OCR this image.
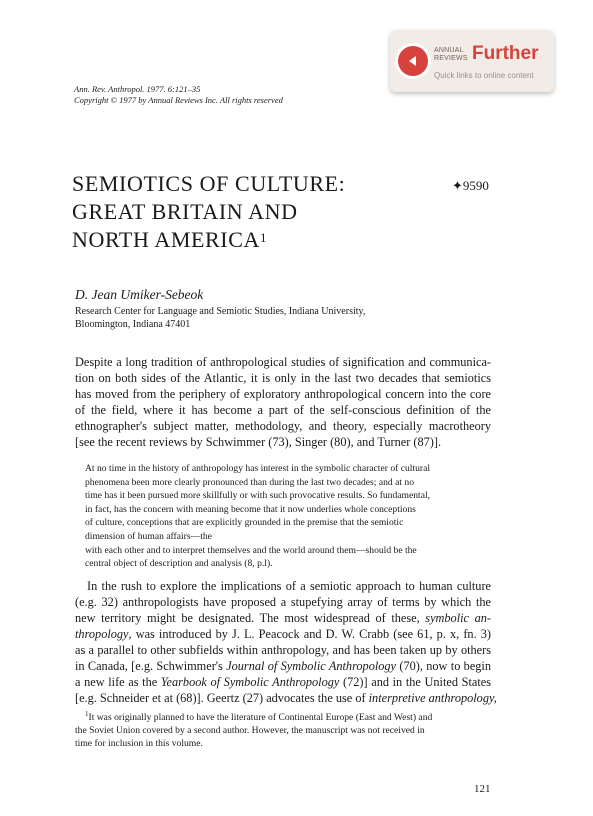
ANNUAL
REVIEWS Further
Quick links to online content
Ann. Rev. Anthropol. 1977. 6:121–35
Copyright © 1977 by Annual Reviews Inc. All rights reserved
SEMIOTICS OF CULTURE:
GREAT BRITAIN AND
NORTH AMERICA$^1$
✦9590
D. Jean Umiker-Sebeok
Research Center for Language and Semiotic Studies, Indiana University,
Bloomington, Indiana 47401
Despite a long tradition of anthropological studies of signification and communica-
tion on both sides of the Atlantic, it is only in the last two decades that semiotics
has moved from the periphery of exploratory anthropological concern into the core
of the field, where it has become a part of the self-conscious definition of the
ethnographer's subject matter, methodology, and theory, especially macrotheory
[see the recent reviews by Schwimmer (73), Singer (80), and Turner (87)].
At no time in the history of anthropology has interest in the symbolic character of cultural
phenomena been more clearly pronounced than during the last two decades; and at no
time has it been pursued more skillfully or with such provocative results. So fundamental,
in fact, has the concern with meaning become that it now underlies whole conceptions
of culture, conceptions that are explicitly grounded in the premise that the semiotic
dimension of human affairs—the
with each other and to interpret themselves and the world around them—should be the
central object of description and analysis (8, p.l).
In the rush to explore the implications of a semiotic approach to human culture
(e.g. 32) anthropologists have proposed a stupefying array of terms by which the
new territory might be designated. The most widespread of these, symbolic an-
thropology, was introduced by J. L. Peacock and D. W. Crabb (see 61, p. x, fn. 3)
as a parallel to other subfields within anthropology, and has been taken up by others
in Canada, [e.g. Schwimmer's Journal of Symbolic Anthropology (70), now to begin
a new life as the Yearbook of Symbolic Anthropology (72)] and in the United States
[e.g. Schneider et at (68)]. Geertz (27) advocates the use of interpretive anthropology,
$^1$It was originally planned to have the literature of Continental Europe (East and West) and
the Soviet Union covered by a second author. However, the manuscript was not received in
time for inclusion in this volume.
121
